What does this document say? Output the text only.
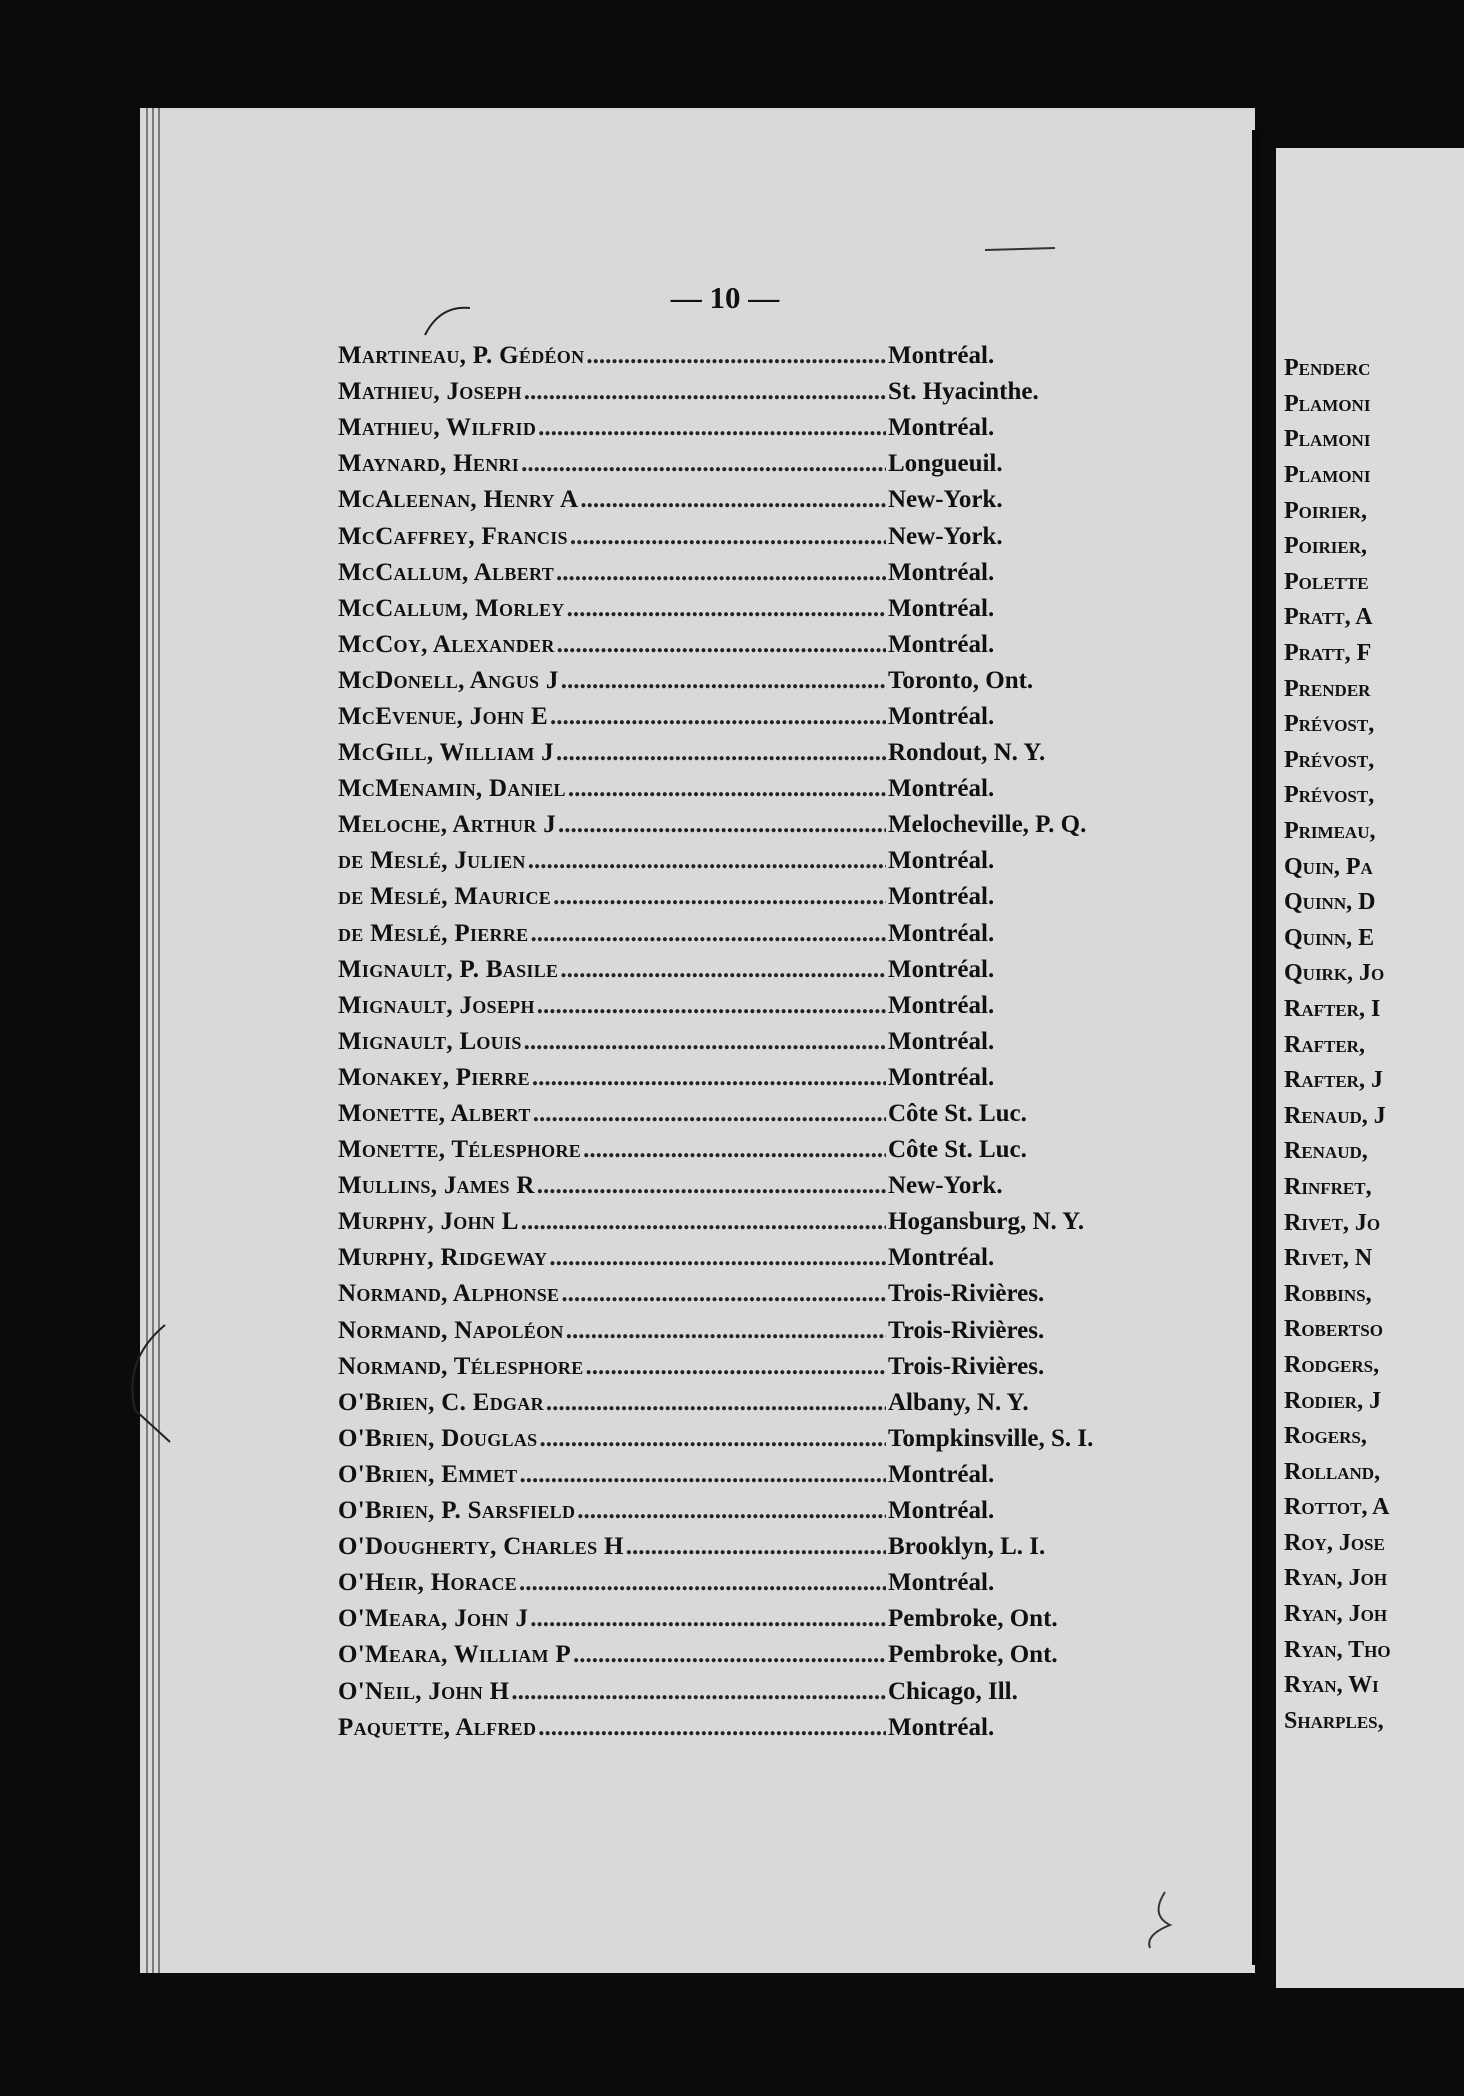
— 10 —
Martineau, P. Gédéon .....	Montréal.
Mathieu, Joseph .....	St. Hyacinthe.
Mathieu, Wilfrid .....	Montréal.
Maynard, Henri .....	Longueuil.
McAleenan, Henry A .....	New-York.
McCaffrey, Francis .....	New-York.
McCallum, Albert .....	Montréal.
McCallum, Morley .....	Montréal.
McCoy, Alexander .....	Montréal.
McDonell, Angus J .....	Toronto, Ont.
McEvenue, John E .....	Montréal.
McGill, William J .....	Rondout, N. Y.
McMenamin, Daniel .....	Montréal.
Meloche, Arthur J .....	Melocheville, P. Q.
de Meslé, Julien .....	Montréal.
de Meslé, Maurice .....	Montréal.
de Meslé, Pierre .....	Montréal.
Mignault, P. Basile .....	Montréal.
Mignault, Joseph .....	Montréal.
Mignault, Louis .....	Montréal.
Monakey, Pierre .....	Montréal.
Monette, Albert .....	Côte St. Luc.
Monette, Télesphore .....	Côte St. Luc.
Mullins, James R .....	New-York.
Murphy, John L .....	Hogansburg, N. Y.
Murphy, Ridgeway .....	Montréal.
Normand, Alphonse .....	Trois-Rivières.
Normand, Napoléon .....	Trois-Rivières.
Normand, Télesphore .....	Trois-Rivières.
O'Brien, C. Edgar .....	Albany, N. Y.
O'Brien, Douglas .....	Tompkinsville, S. I.
O'Brien, Emmet .....	Montréal.
O'Brien, P. Sarsfield .....	Montréal.
O'Dougherty, Charles H .....	Brooklyn, L. I.
O'Heir, Horace .....	Montréal.
O'Meara, John J .....	Pembroke, Ont.
O'Meara, William P .....	Pembroke, Ont.
O'Neil, John H .....	Chicago, Ill.
Paquette, Alfred .....	Montréal.
Penderc
Plamoni
Plamoni
Plamoni
Poirier,
Poirier,
Polette
Pratt, A
Pratt, F
Prender
Prévost,
Prévost,
Prévost,
Primeau,
Quin, Pa
Quinn, D
Quinn, E
Quirk, Jo
Rafter, I
Rafter,
Rafter, J
Renaud, J
Renaud,
Rinfret,
Rivet, Jo
Rivet, N
Robbins,
Robertso
Rodgers,
Rodier, J
Rogers,
Rolland,
Rottot, A
Roy, Jose
Ryan, Joh
Ryan, Joh
Ryan, Tho
Ryan, Wi
Sharples,
